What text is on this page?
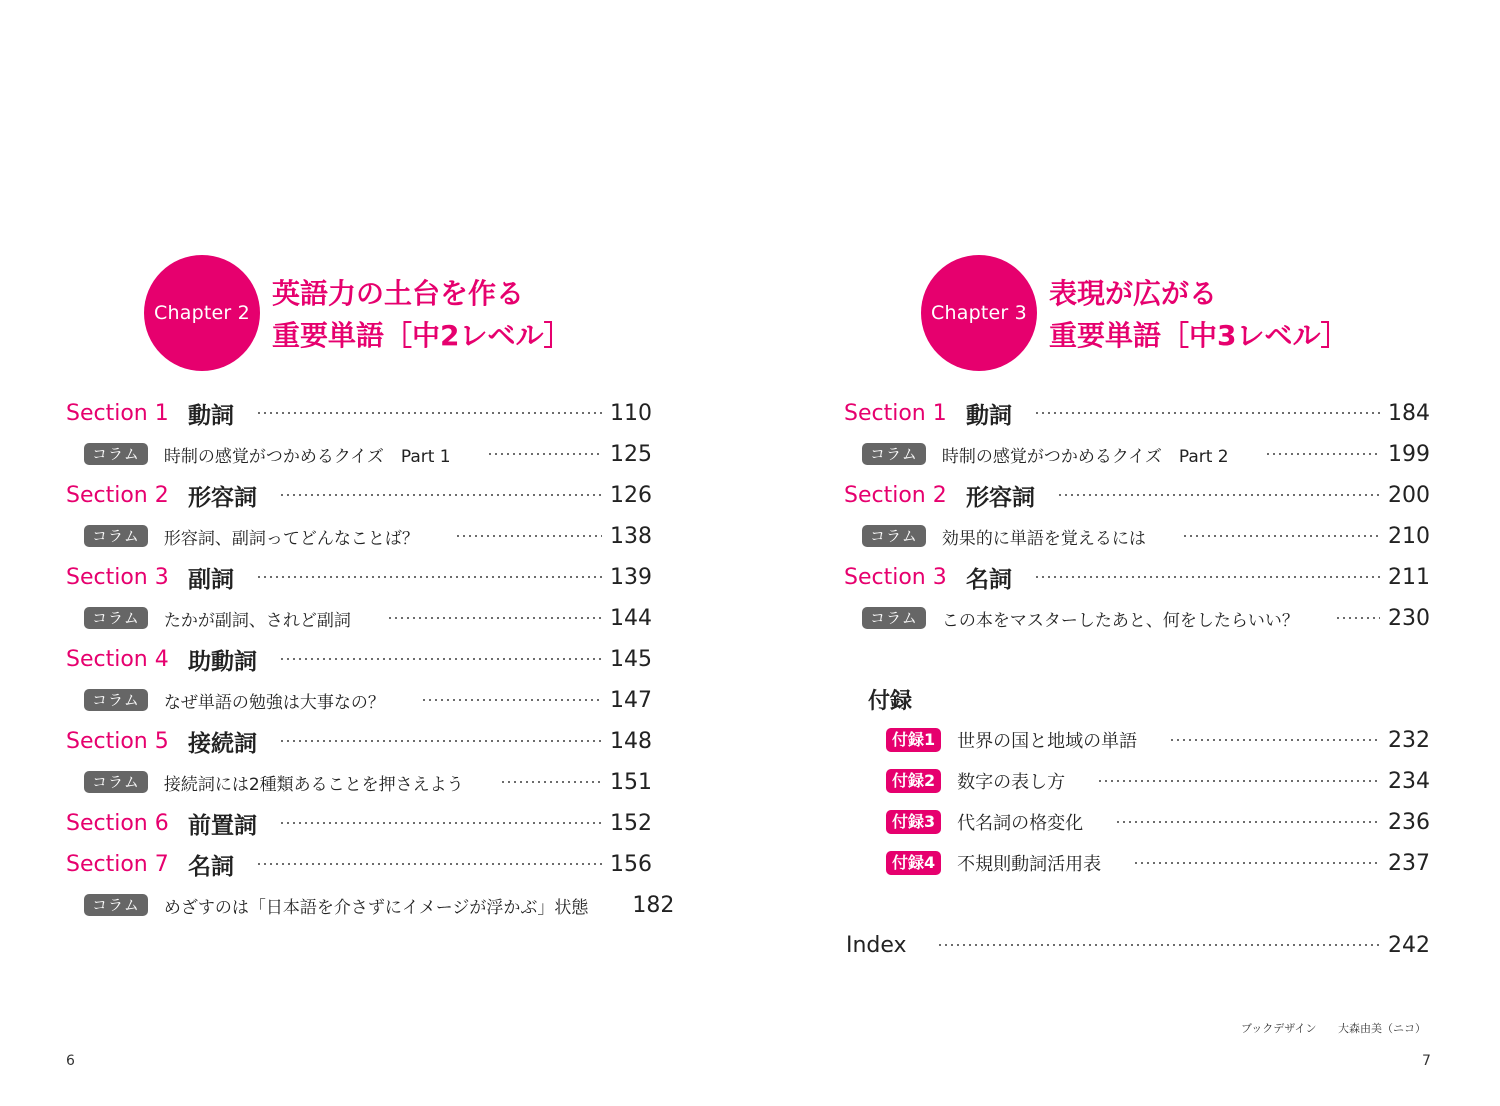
Chapter 2
英語力の土台を作る
重要単語［中2レベル］
Section 1 動詞	110
コラム	時制の感覚がつかめるクイズ　Part 1	125
Section 2 形容詞	126
コラム	形容詞、副詞ってどんなことば？	138
Section 3 副詞	139
コラム	たかが副詞、されど副詞	144
Section 4 助動詞	145
コラム	なぜ単語の勉強は大事なの？	147
Section 5 接続詞	148
コラム	接続詞には2種類あることを押さえよう	151
Section 6 前置詞	152
Section 7 名詞	156
コラム	めざすのは「日本語を介さずにイメージが浮かぶ」状態 182
6
Chapter 3
表現が広がる
重要単語［中3レベル］
Section 1 動詞	184
コラム	時制の感覚がつかめるクイズ　Part 2	199
Section 2 形容詞	200
コラム	効果的に単語を覚えるには	210
Section 3 名詞	211
コラム	この本をマスターしたあと、何をしたらいい？	230
付録
付録1	世界の国と地域の単語	232
付録2	数字の表し方	234
付録3	代名詞の格変化	236
付録4	不規則動詞活用表	237
Index	242
ブックデザイン 大森由美（ニコ）
7
